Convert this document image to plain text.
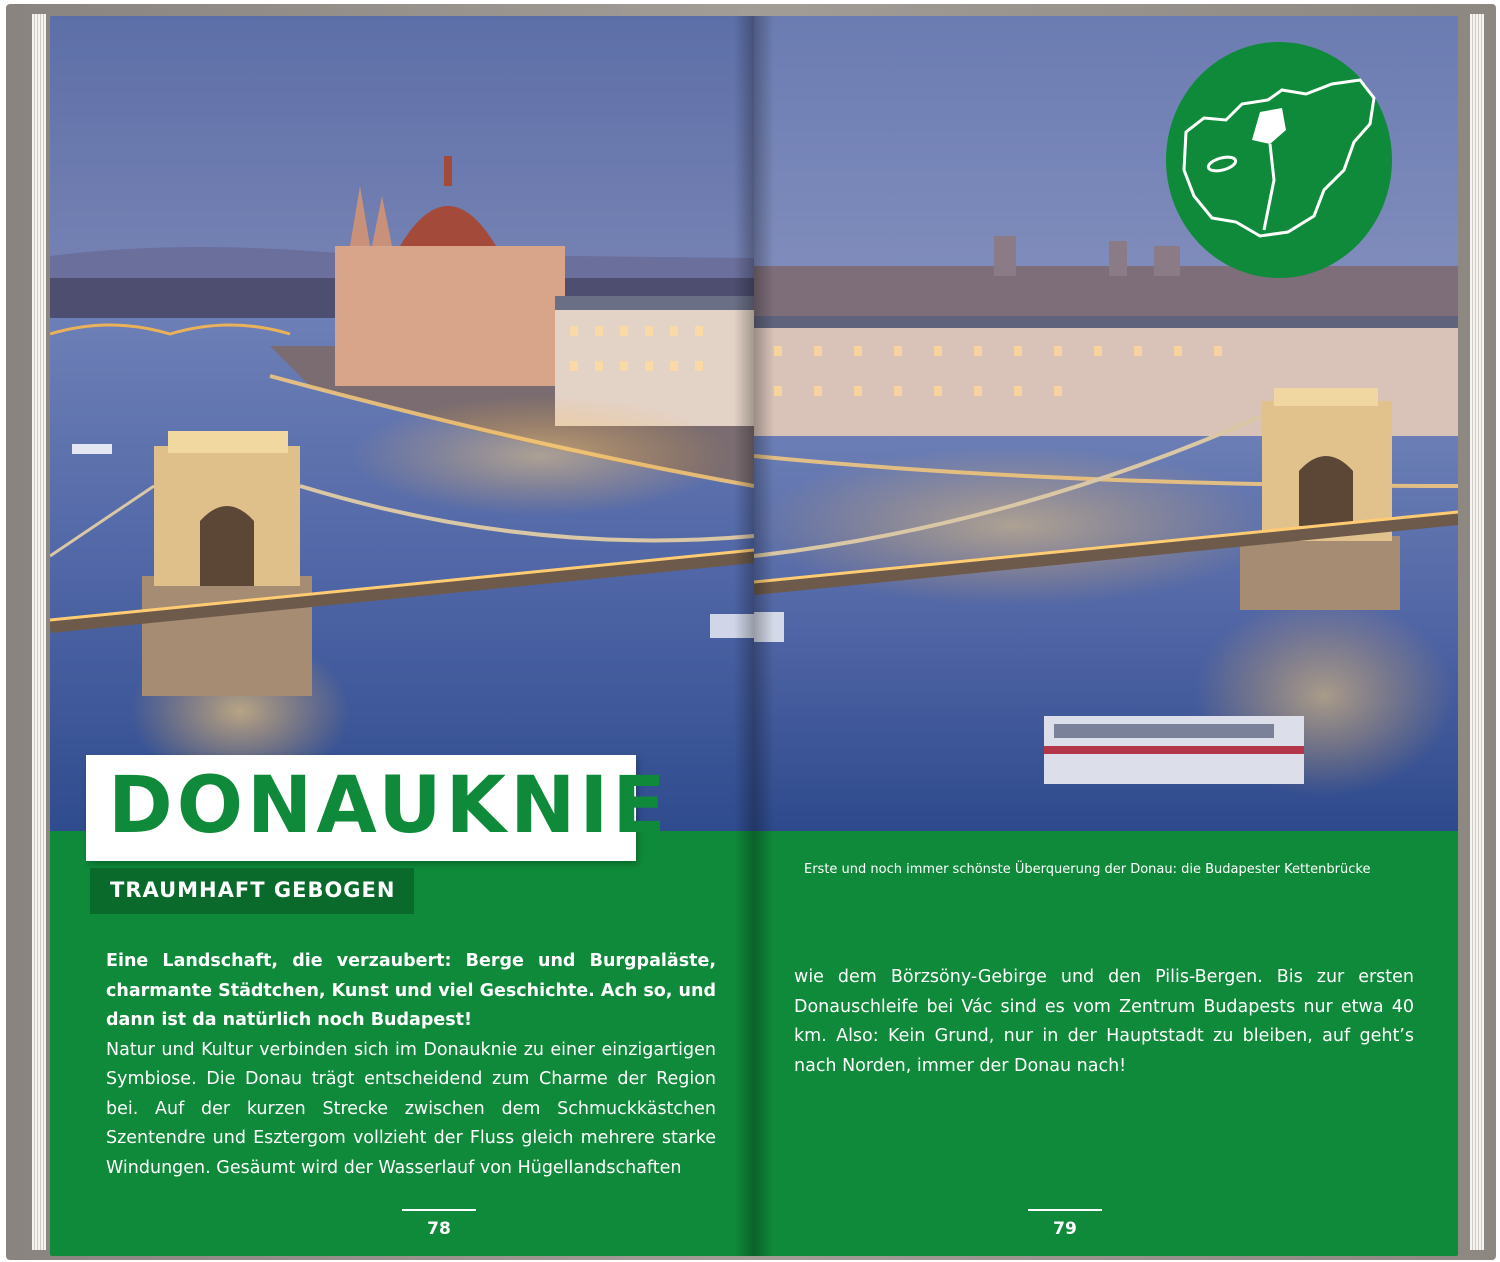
DONAUKNIE
TRAUMHAFT GEBOGEN

Eine Landschaft, die verzaubert: Berge und Burgpaläste, charmante Städtchen, Kunst und viel Geschichte. Ach so, und dann ist da natürlich noch Budapest!

Natur und Kultur verbinden sich im Donauknie zu einer einzigartigen Symbiose. Die Donau trägt entscheidend zum Charme der Region bei. Auf der kurzen Strecke zwischen dem Schmuckkästchen Szentendre und Esztergom vollzieht der Fluss gleich mehrere starke Windungen. Gesäumt wird der Wasserlauf von Hügellandschaften

78
Erste und noch immer schönste Überquerung der Donau: die Budapester Kettenbrücke

wie dem Börzsöny-Gebirge und den Pilis-Bergen. Bis zur ersten Donauschleife bei Vác sind es vom Zentrum Budapests nur etwa 40 km. Also: Kein Grund, nur in der Hauptstadt zu bleiben, auf geht’s nach Norden, immer der Donau nach!

79
